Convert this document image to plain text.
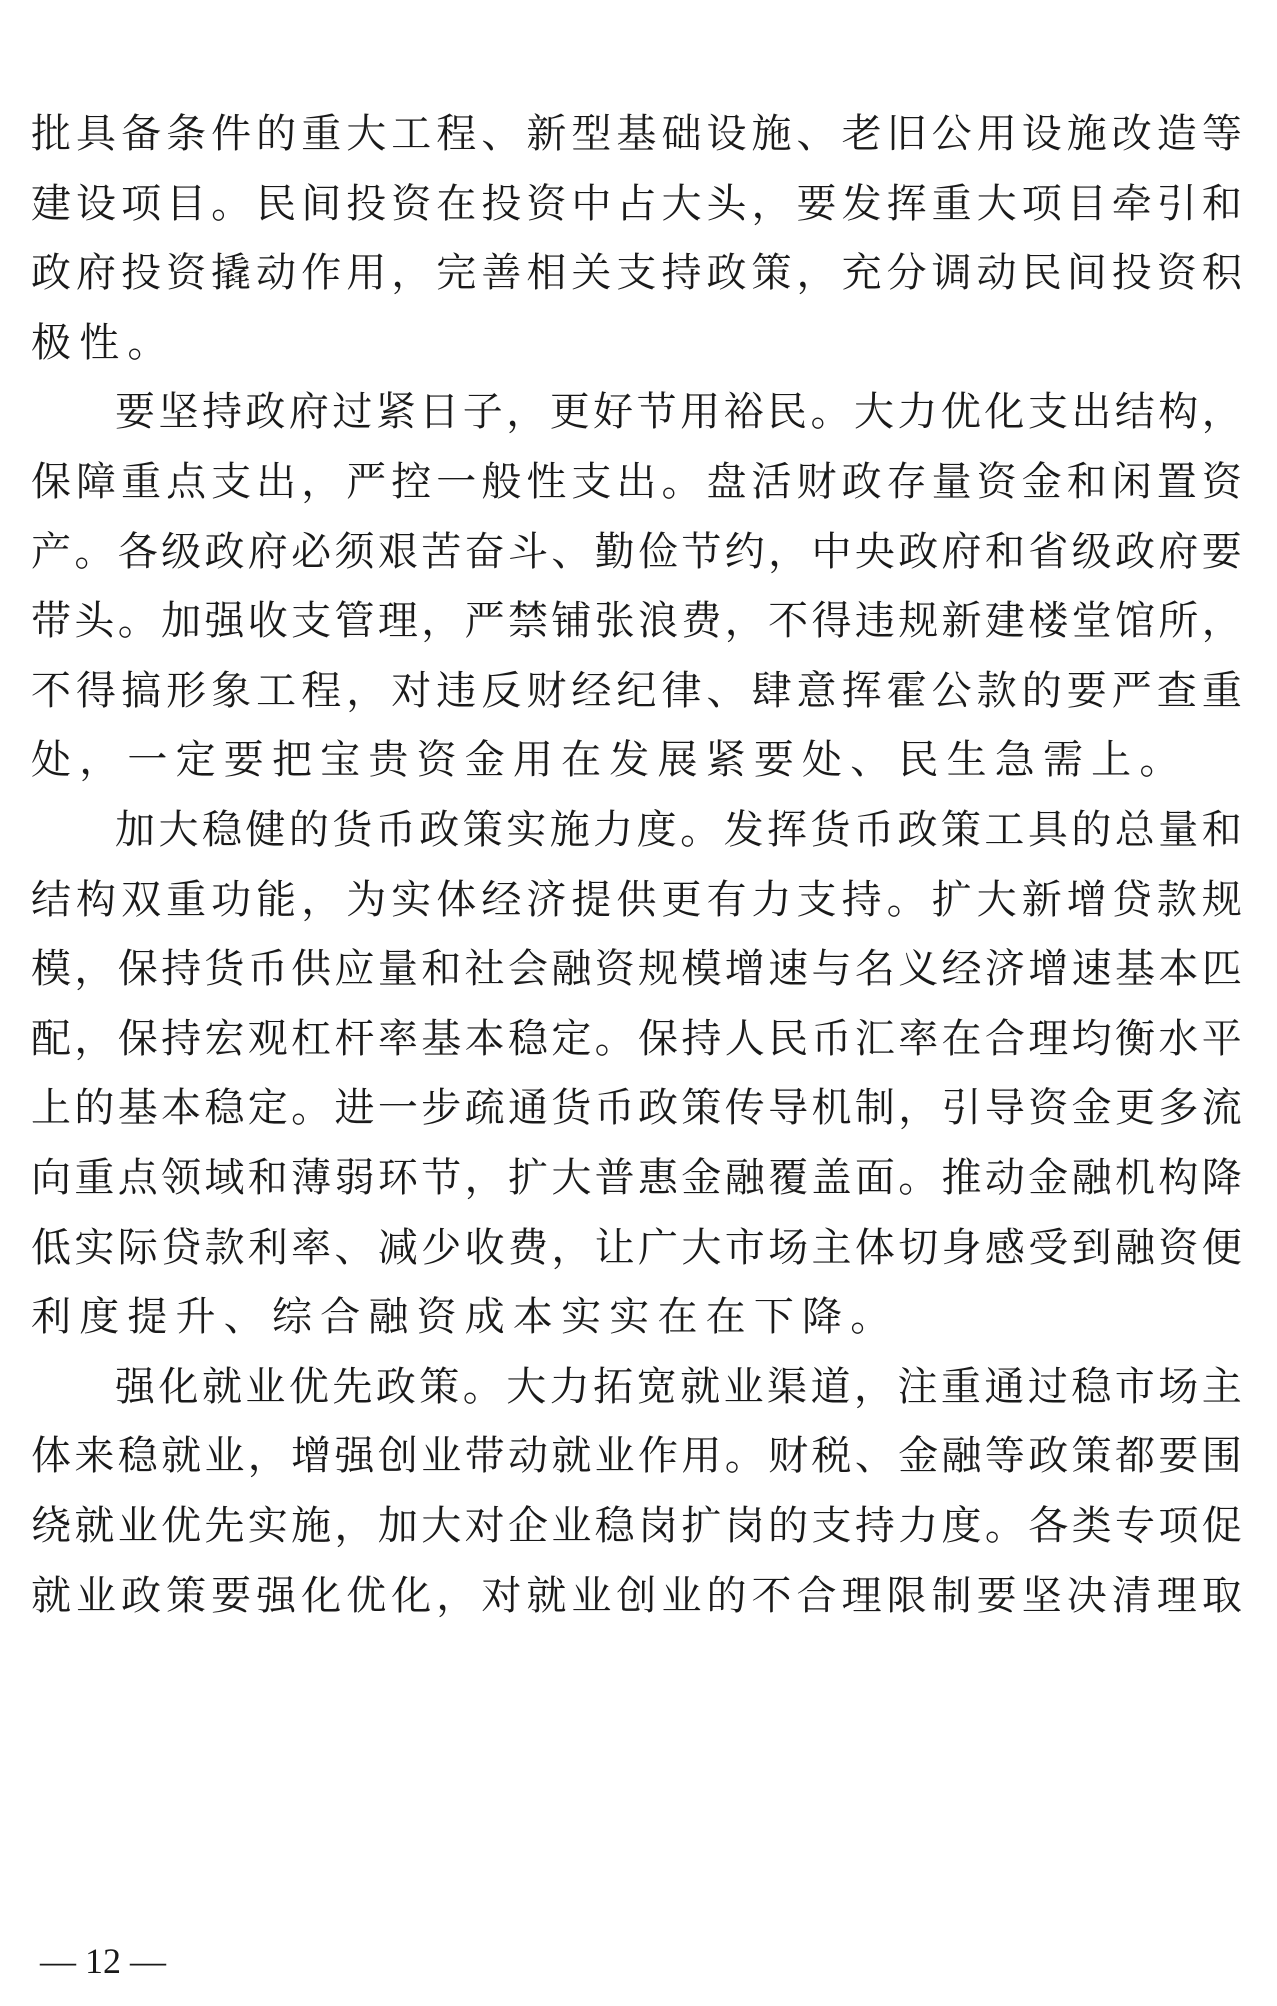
批 具 备 条 件 的 重 大 工 程 、 新 型 基 础 设 施 、 老 旧 公 用 设 施 改 造 等
建 设 项 目 。 民 间 投 资 在 投 资 中 占 大 头 ， 要 发 挥 重 大 项 目 牵 引 和
政 府 投 资 撬 动 作 用 ， 完 善 相 关 支 持 政 策 ， 充 分 调 动 民 间 投 资 积
极 性 。
要 坚 持 政 府 过 紧 日 子 ， 更 好 节 用 裕 民 。 大 力 优 化 支 出 结 构 ，
保 障 重 点 支 出 ， 严 控 一 般 性 支 出 。 盘 活 财 政 存 量 资 金 和 闲 置 资
产 。 各 级 政 府 必 须 艰 苦 奋 斗 、 勤 俭 节 约 ， 中 央 政 府 和 省 级 政 府 要
带 头 。 加 强 收 支 管 理 ， 严 禁 铺 张 浪 费 ， 不 得 违 规 新 建 楼 堂 馆 所 ，
不 得 搞 形 象 工 程 ， 对 违 反 财 经 纪 律 、 肆 意 挥 霍 公 款 的 要 严 查 重
处 ， 一 定 要 把 宝 贵 资 金 用 在 发 展 紧 要 处 、 民 生 急 需 上 。
加 大 稳 健 的 货 币 政 策 实 施 力 度 。 发 挥 货 币 政 策 工 具 的 总 量 和
结 构 双 重 功 能 ， 为 实 体 经 济 提 供 更 有 力 支 持 。 扩 大 新 增 贷 款 规
模 ， 保 持 货 币 供 应 量 和 社 会 融 资 规 模 增 速 与 名 义 经 济 增 速 基 本 匹
配 ， 保 持 宏 观 杠 杆 率 基 本 稳 定 。 保 持 人 民 币 汇 率 在 合 理 均 衡 水 平
上 的 基 本 稳 定 。 进 一 步 疏 通 货 币 政 策 传 导 机 制 ， 引 导 资 金 更 多 流
向 重 点 领 域 和 薄 弱 环 节 ， 扩 大 普 惠 金 融 覆 盖 面 。 推 动 金 融 机 构 降
低 实 际 贷 款 利 率 、 减 少 收 费 ， 让 广 大 市 场 主 体 切 身 感 受 到 融 资 便
利 度 提 升 、 综 合 融 资 成 本 实 实 在 在 下 降 。
强 化 就 业 优 先 政 策 。 大 力 拓 宽 就 业 渠 道 ， 注 重 通 过 稳 市 场 主
体 来 稳 就 业 ， 增 强 创 业 带 动 就 业 作 用 。 财 税 、 金 融 等 政 策 都 要 围
绕 就 业 优 先 实 施 ， 加 大 对 企 业 稳 岗 扩 岗 的 支 持 力 度 。 各 类 专 项 促
就 业 政 策 要 强 化 优 化 ， 对 就 业 创 业 的 不 合 理 限 制 要 坚 决 清 理 取
— 12 —
